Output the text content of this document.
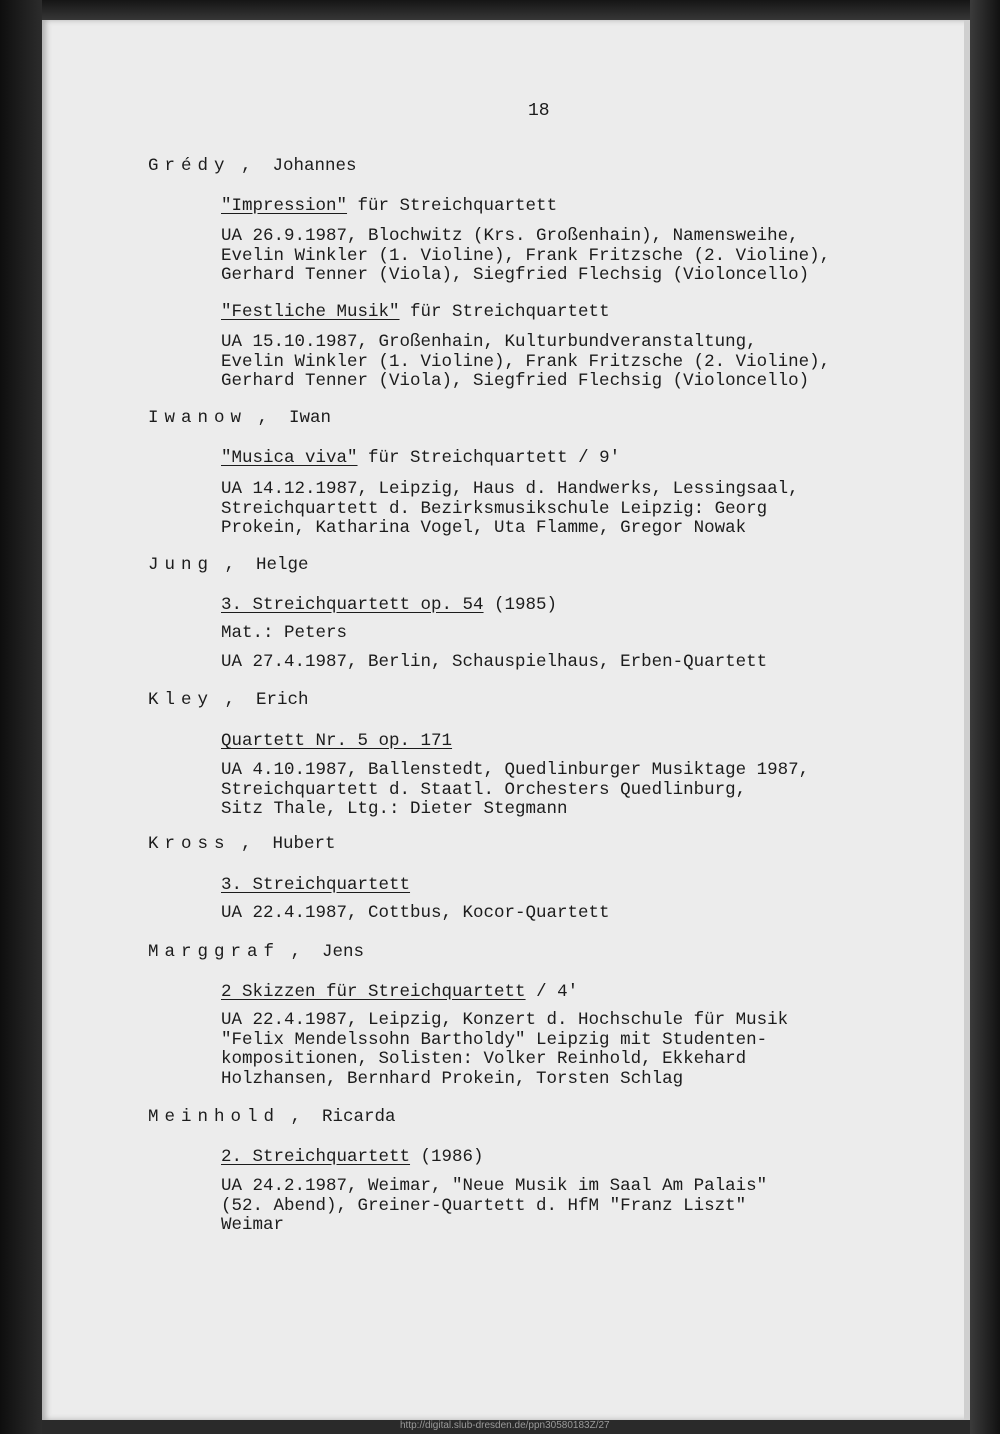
18
Grédy ,  Johannes
"Impression" für Streichquartett
UA 26.9.1987, Blochwitz (Krs. Großenhain), Namensweihe,
Evelin Winkler (1. Violine), Frank Fritzsche (2. Violine),
Gerhard Tenner (Viola), Siegfried Flechsig (Violoncello)
"Festliche Musik" für Streichquartett
UA 15.10.1987, Großenhain, Kulturbundveranstaltung,
Evelin Winkler (1. Violine), Frank Fritzsche (2. Violine),
Gerhard Tenner (Viola), Siegfried Flechsig (Violoncello)
Iwanow ,  Iwan
"Musica viva" für Streichquartett / 9'
UA 14.12.1987, Leipzig, Haus d. Handwerks, Lessingsaal,
Streichquartett d. Bezirksmusikschule Leipzig: Georg
Prokein, Katharina Vogel, Uta Flamme, Gregor Nowak
Jung ,  Helge
3. Streichquartett op. 54 (1985)
Mat.: Peters
UA 27.4.1987, Berlin, Schauspielhaus, Erben-Quartett
Kley ,  Erich
Quartett Nr. 5 op. 171
UA 4.10.1987, Ballenstedt, Quedlinburger Musiktage 1987,
Streichquartett d. Staatl. Orchesters Quedlinburg,
Sitz Thale, Ltg.: Dieter Stegmann
Kross ,  Hubert
3. Streichquartett
UA 22.4.1987, Cottbus, Kocor-Quartett
Marggraf ,  Jens
2 Skizzen für Streichquartett / 4'
UA 22.4.1987, Leipzig, Konzert d. Hochschule für Musik
"Felix Mendelssohn Bartholdy" Leipzig mit Studenten-
kompositionen, Solisten: Volker Reinhold, Ekkehard
Holzhansen, Bernhard Prokein, Torsten Schlag
Meinhold ,  Ricarda
2. Streichquartett (1986)
UA 24.2.1987, Weimar, "Neue Musik im Saal Am Palais"
(52. Abend), Greiner-Quartett d. HfM "Franz Liszt"
Weimar
http://digital.slub-dresden.de/ppn30580183Z/27
